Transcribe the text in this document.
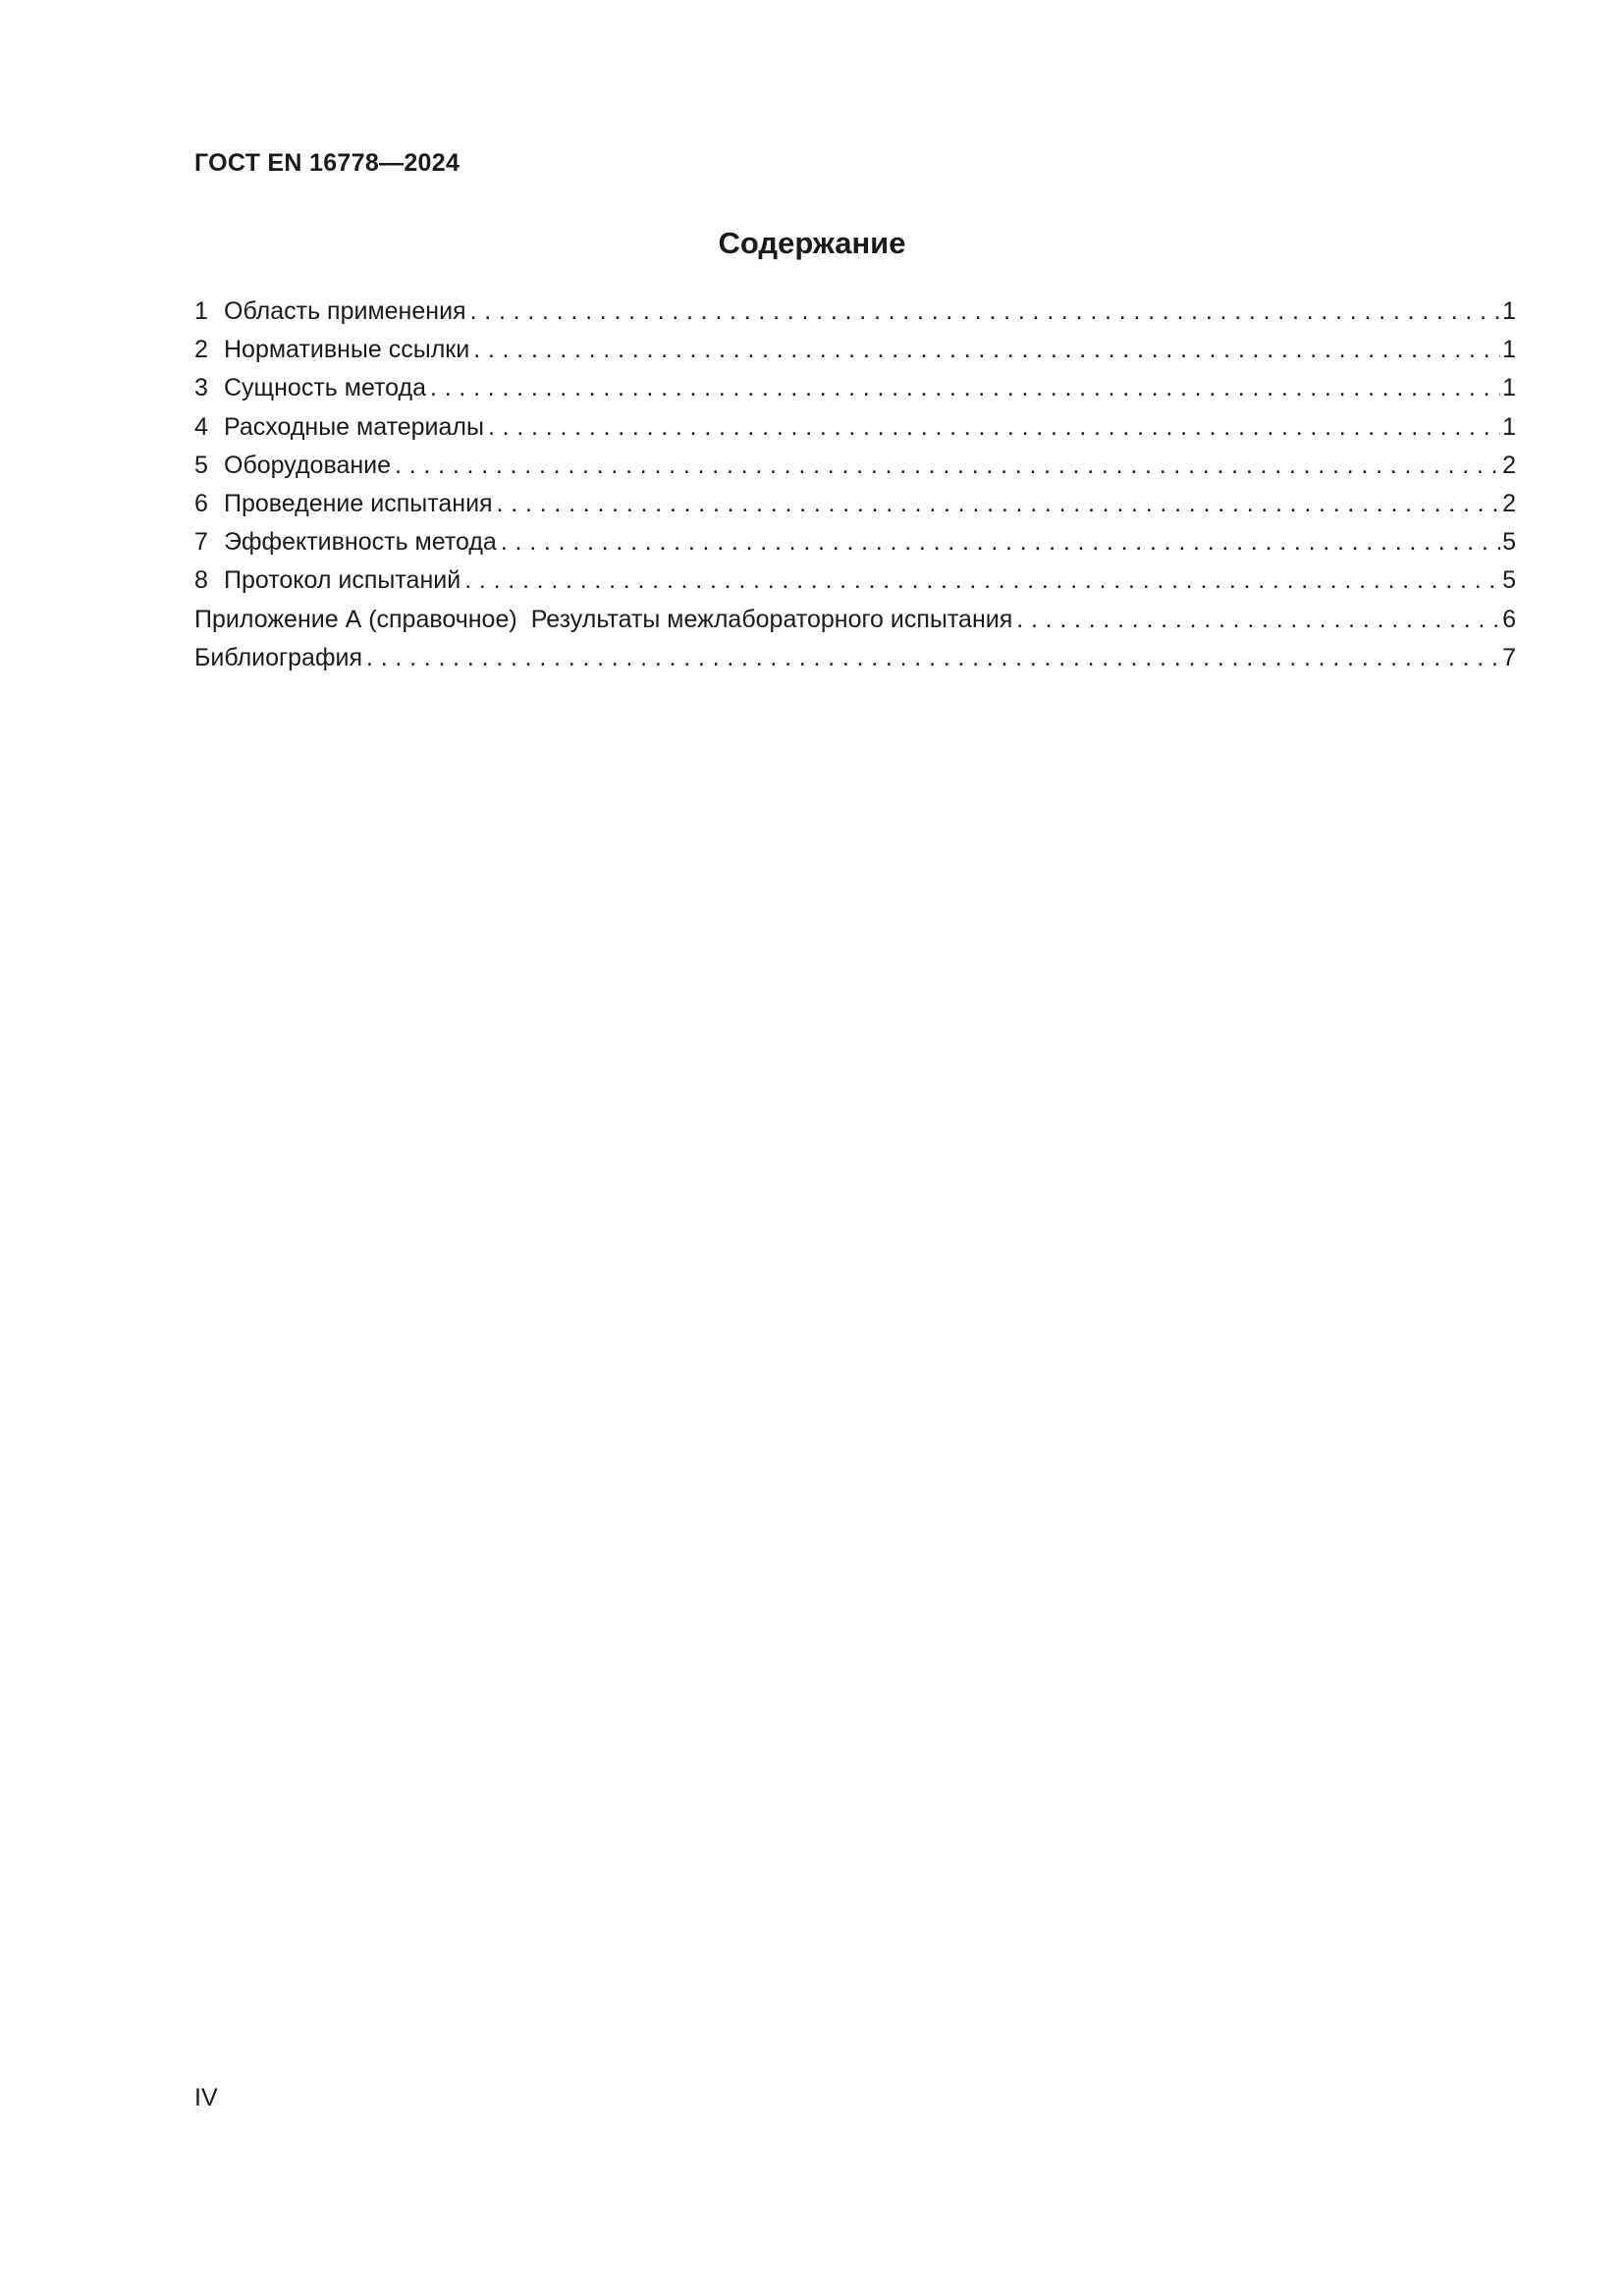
ГОСТ EN 16778—2024
Содержание
1 Область применения . . .	1
2 Нормативные ссылки . . .	1
3 Сущность метода . . .	1
4 Расходные материалы . . .	1
5 Оборудование . . .	2
6 Проведение испытания . . .	2
7 Эффективность метода . . .	5
8 Протокол испытаний . . .	5
Приложение А (справочное) Результаты межлабораторного испытания . . .	6
Библиография . . .	7
IV
